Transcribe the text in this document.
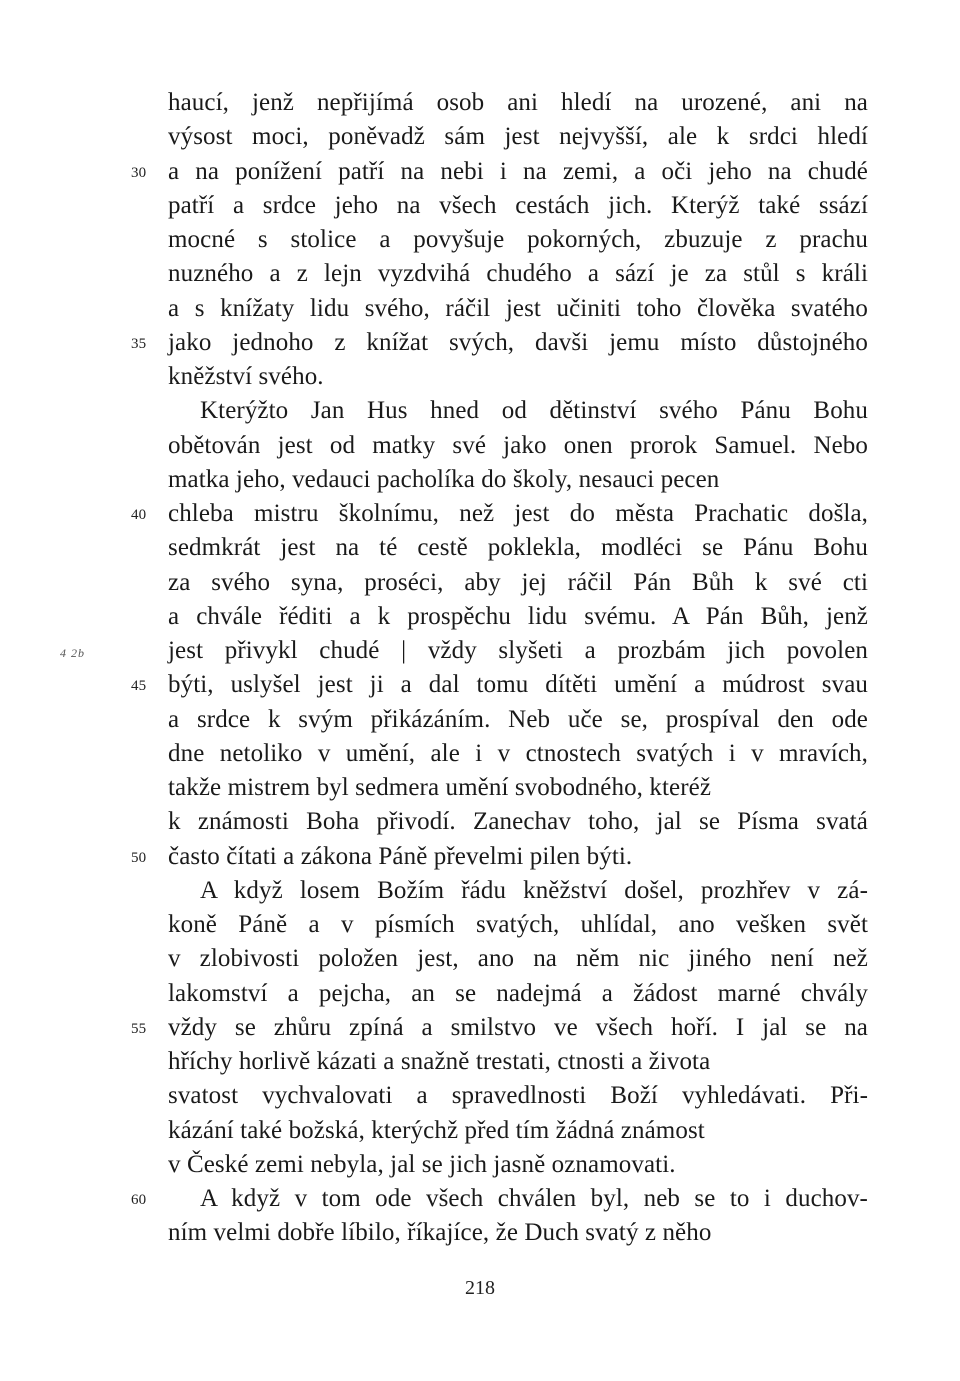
haucí, jenž nepřijímá osob ani hledí na urozené, ani na
výsost moci, poněvadž sám jest nejvyšší, ale k srdci hledí
30 a na ponížení patří na nebi i na zemi, a oči jeho na chudé
patří a srdce jeho na všech cestách jich. Kterýž také ssází
mocné s stolice a povyšuje pokorných, zbuzuje z prachu
nuzného a z lejn vyzdvihá chudého a sází je za stůl s králi
a s knížaty lidu svého, ráčil jest učiniti toho člověka svatého
35 jako jednoho z knížat svých, davši jemu místo důstojného
kněžství svého.
Kterýžto Jan Hus hned od dětinství svého Pánu Bohu
obětován jest od matky své jako onen prorok Samuel. Nebo
matka jeho, vedauci pacholíka do školy, nesauci pecen
40 chleba mistru školnímu, než jest do města Prachatic došla,
sedmkrát jest na té cestě poklekla, modléci se Pánu Bohu
za svého syna, proséci, aby jej ráčil Pán Bůh k své cti
a chvále řéditi a k prospěchu lidu svému. A Pán Bůh, jenž
4 2b	jest přivykl chudé | vždy slyšeti a prozbám jich povolen
45 býti, uslyšel jest ji a dal tomu dítěti umění a múdrost svau
a srdce k svým přikázáním. Neb uče se, prospíval den ode
dne netoliko v umění, ale i v ctnostech svatých i v mravích,
takže mistrem byl sedmera umění svobodného, kteréž
k známosti Boha přivodí. Zanechav toho, jal se Písma svatá
50 často čítati a zákona Páně převelmi pilen býti.
A když losem Božím řádu kněžství došel, prozhřev v zá-
koně Páně a v písmích svatých, uhlídal, ano vešken svět
v zlobivosti položen jest, ano na něm nic jiného není než
lakomství a pejcha, an se nadejmá a žádost marné chvály
55 vždy se zhůru zpíná a smilstvo ve všech hoří. I jal se na
hříchy horlivě kázati a snažně trestati, ctnosti a života
svatost vychvalovati a spravedlnosti Boží vyhledávati. Při-
kázání také božská, kterýchž před tím žádná známost
v České zemi nebyla, jal se jich jasně oznamovati.
60	A když v tom ode všech chválen byl, neb se to i duchov-
ním velmi dobře líbilo, říkajíce, že Duch svatý z něho
218
